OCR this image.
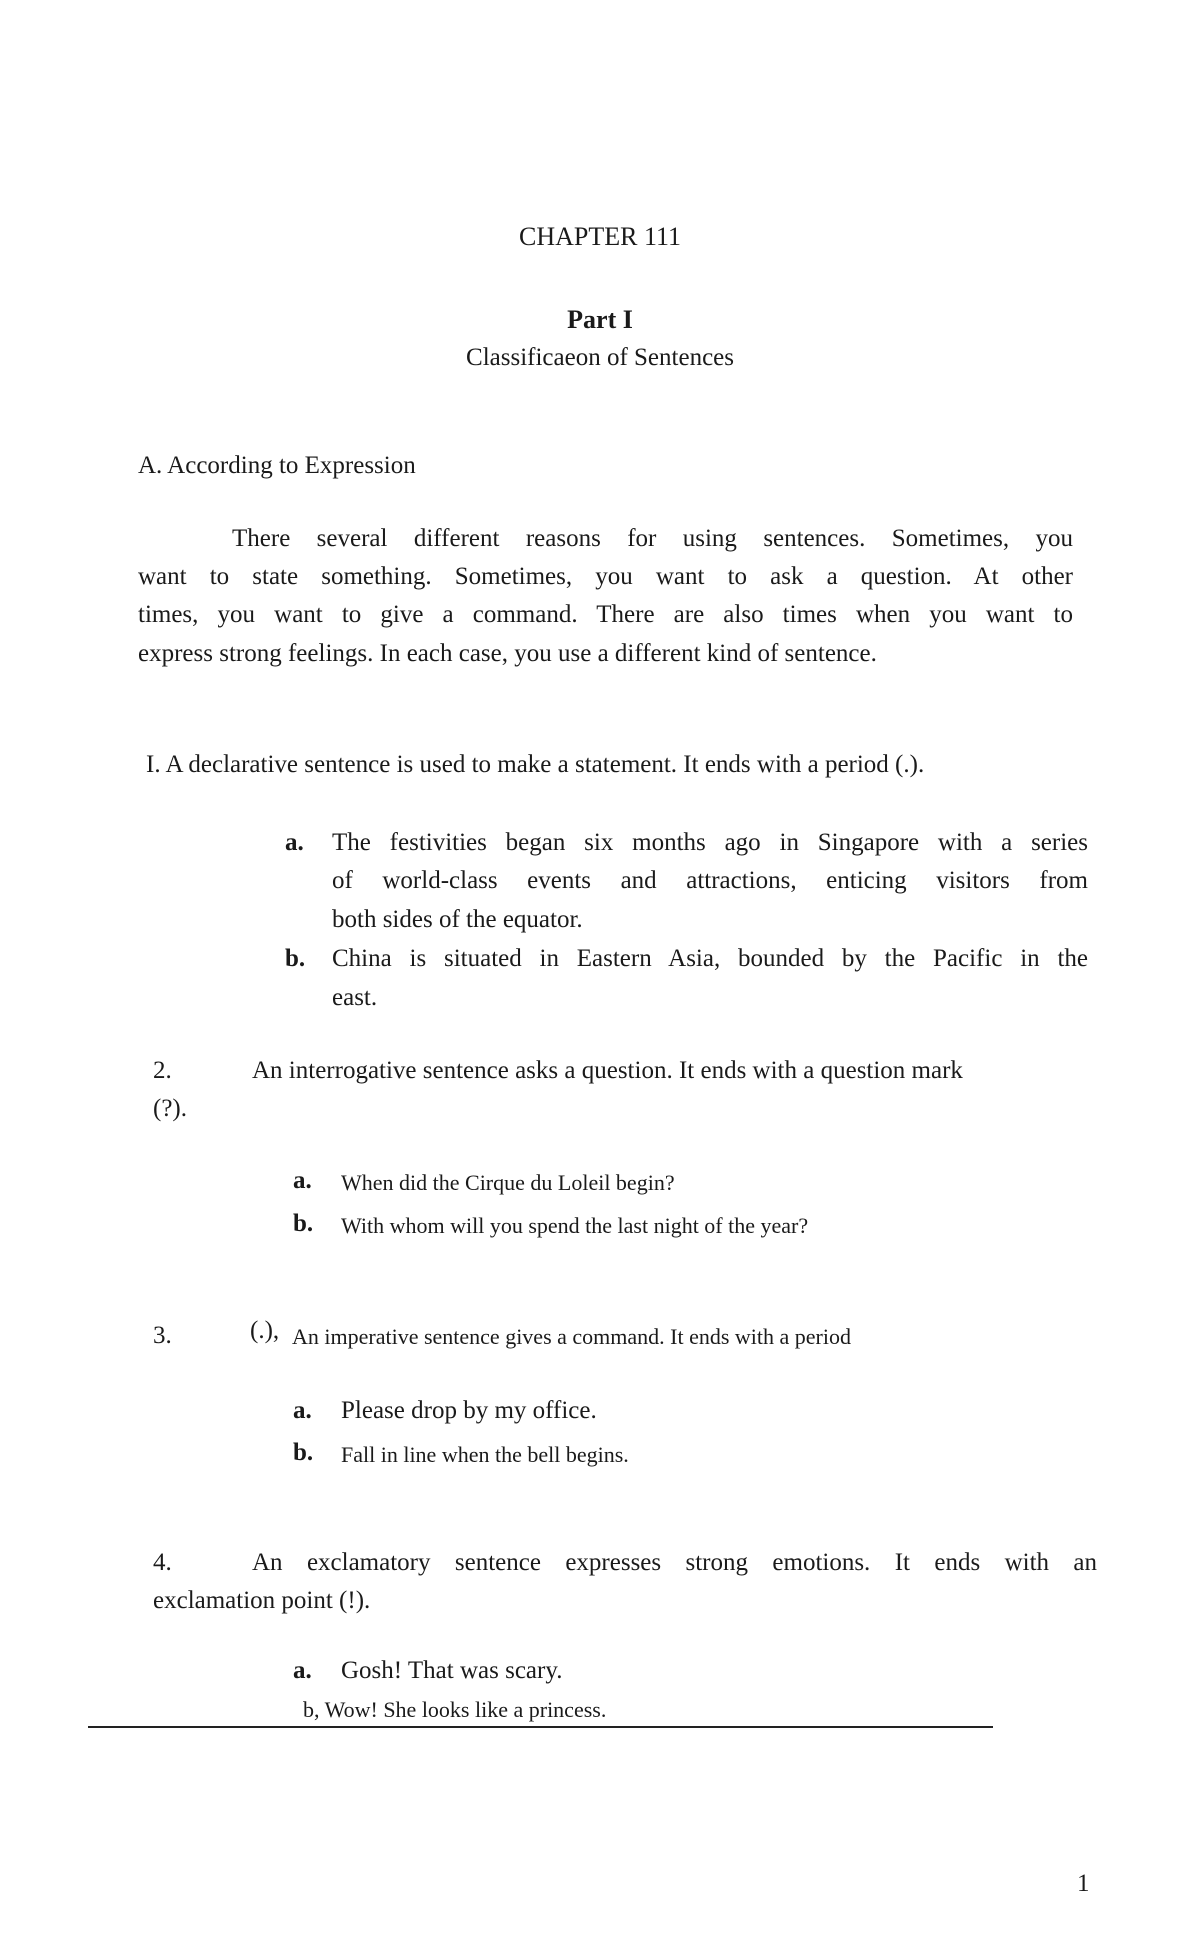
CHAPTER 111
Part I
Classificaeon of Sentences
A. According to Expression
There several different reasons for using sentences. Sometimes, you
want to state something. Sometimes, you want to ask a question. At other
times, you want to give a command. There are also times when you want to
express strong feelings. In each case, you use a different kind of sentence.
I. A declarative sentence is used to make a statement. It ends with a period (.).
a. The festivities began six months ago in Singapore with a series
of world-class events and attractions, enticing visitors from
both sides of the equator.
b. China is situated in Eastern Asia, bounded by the Pacific in the
east.
2.	An interrogative sentence asks a question. It ends with a question mark
(?).
a. When did the Cirque du Loleil begin?
b. With whom will you spend the last night of the year?
3.	(.), An imperative sentence gives a command. It ends with a period
a. Please drop by my office.
b. Fall in line when the bell begins.
4.	An exclamatory sentence expresses strong emotions. It ends with an
exclamation point (!).
a. Gosh! That was scary.
b, Wow! She looks like a princess.
1
